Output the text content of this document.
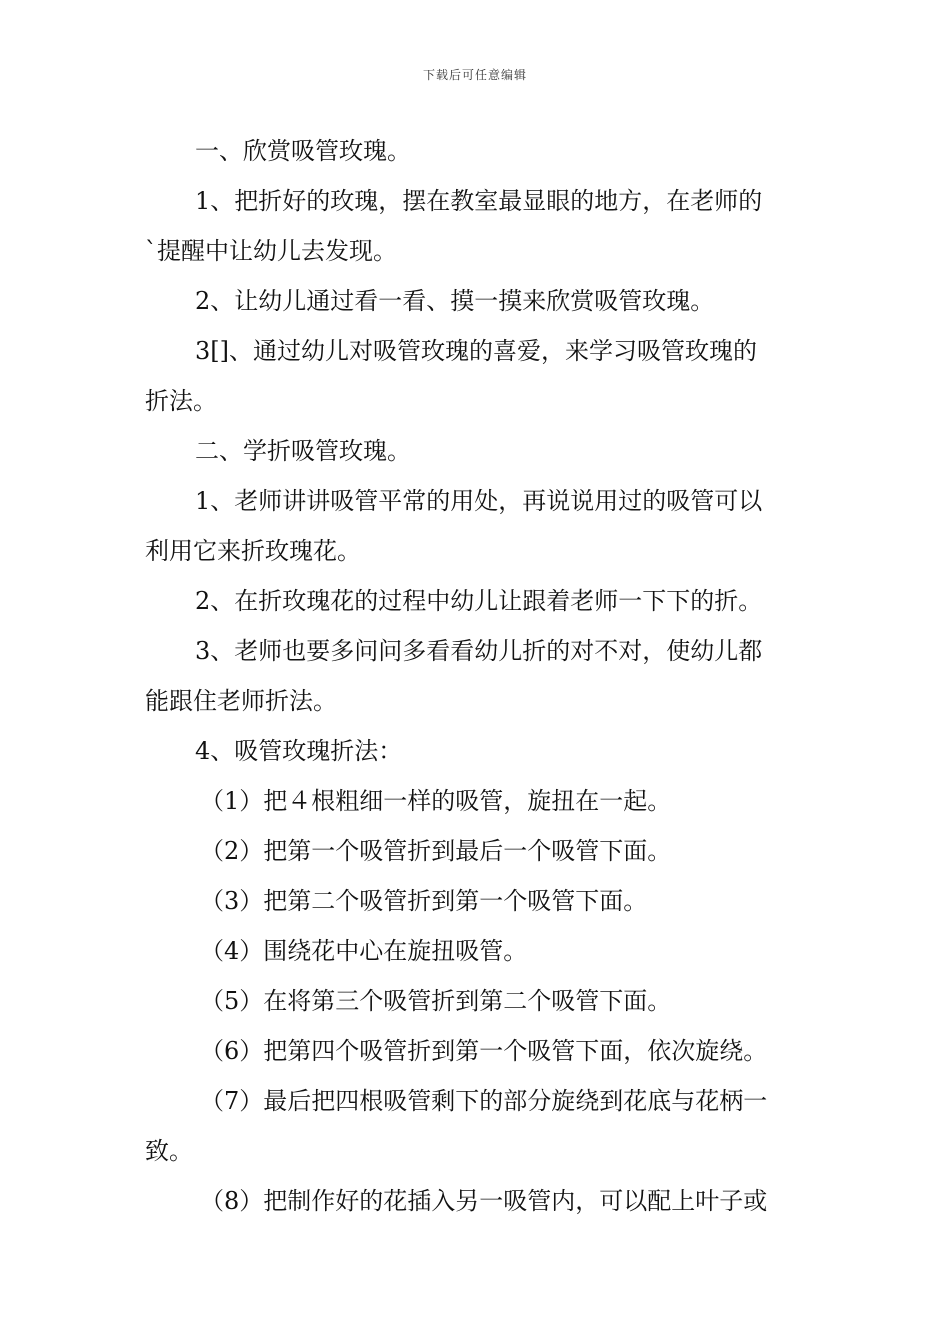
下载后可任意编辑

一、欣赏吸管玫瑰。

1、把折好的玫瑰，摆在教室最显眼的地方，在老师的

`提醒中让幼儿去发现。

2、让幼儿通过看一看、摸一摸来欣赏吸管玫瑰。

3[]、通过幼儿对吸管玫瑰的喜爱，来学习吸管玫瑰的

折法。

二、学折吸管玫瑰。

1、老师讲讲吸管平常的用处，再说说用过的吸管可以

利用它来折玫瑰花。

2、在折玫瑰花的过程中幼儿让跟着老师一下下的折。

3、老师也要多问问多看看幼儿折的对不对，使幼儿都

能跟住老师折法。

4、吸管玫瑰折法：

（1）把４根粗细一样的吸管，旋扭在一起。

（2）把第一个吸管折到最后一个吸管下面。

（3）把第二个吸管折到第一个吸管下面。

（4）围绕花中心在旋扭吸管。

（5）在将第三个吸管折到第二个吸管下面。

（6）把第四个吸管折到第一个吸管下面，依次旋绕。

（7）最后把四根吸管剩下的部分旋绕到花底与花柄一

致。

（8）把制作好的花插入另一吸管内，可以配上叶子或
